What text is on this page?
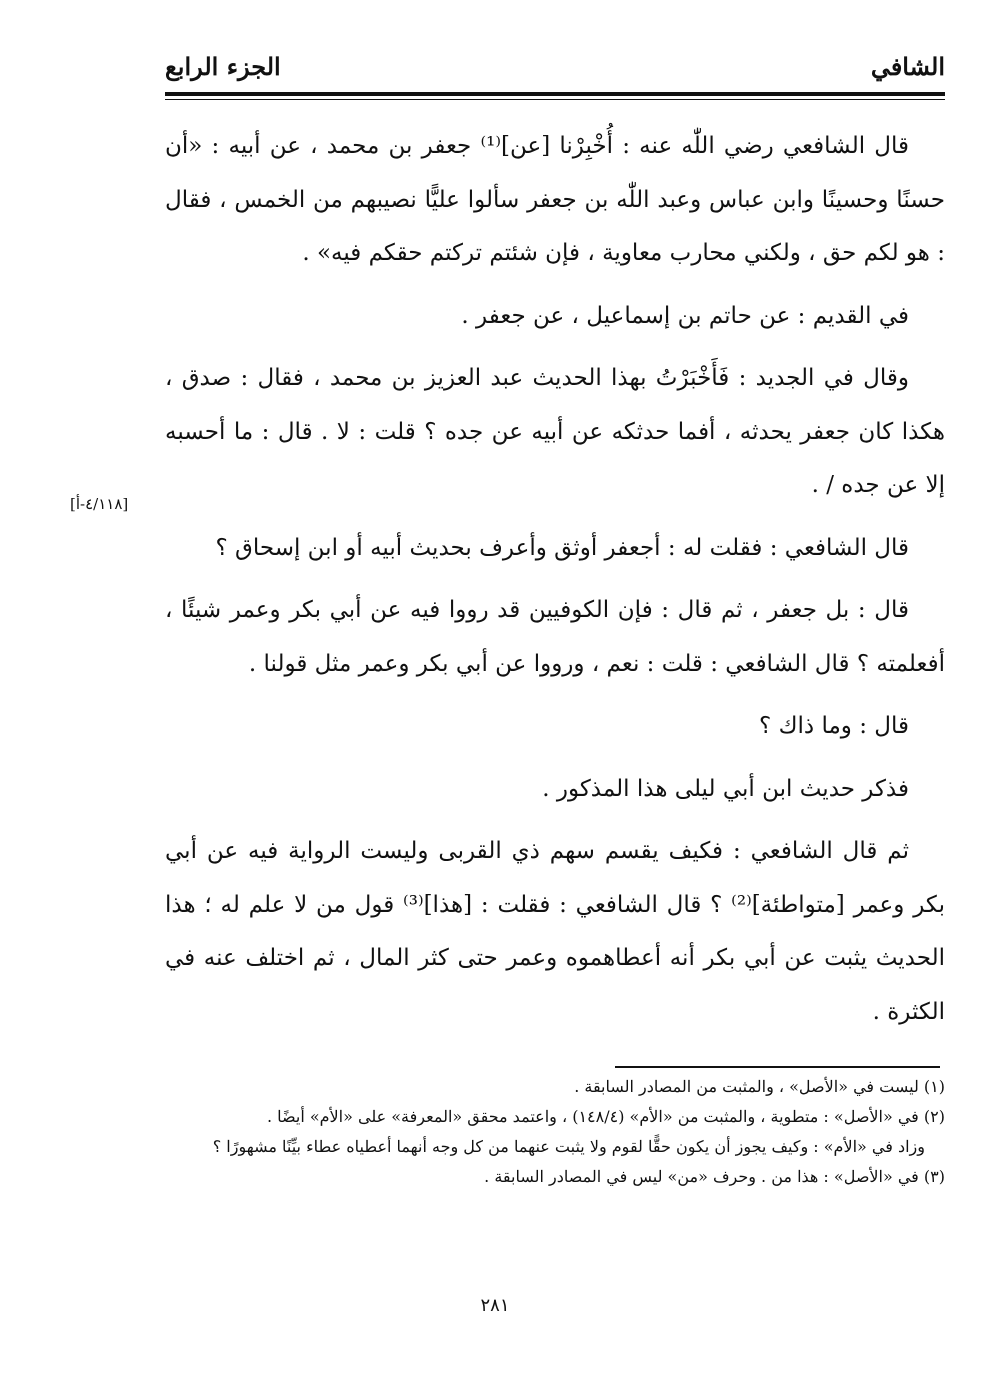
الشافي
الجزء الرابع
[٤/١١٨-أ]

قال الشافعي رضي اللّٰه عنه : أُخْبِرْنا [عن]⁽¹⁾ جعفر بن محمد ، عن أبيه : «أن حسنًا وحسينًا وابن عباس وعبد اللّٰه بن جعفر سألوا عليًّا نصيبهم من الخمس ، فقال : هو لكم حق ، ولكني محارب معاوية ، فإن شئتم تركتم حقكم فيه» .

في القديم : عن حاتم بن إسماعيل ، عن جعفر .

وقال في الجديد : فَأَخْبَرْتُ بهذا الحديث عبد العزيز بن محمد ، فقال : صدق ، هكذا كان جعفر يحدثه ، أفما حدثكه عن أبيه عن جده ؟ قلت : لا . قال : ما أحسبه إلا عن جده / .

قال الشافعي : فقلت له : أجعفر أوثق وأعرف بحديث أبيه أو ابن إسحاق ؟

قال : بل جعفر ، ثم قال : فإن الكوفيين قد رووا فيه عن أبي بكر وعمر شيئًا ، أفعلمته ؟ قال الشافعي : قلت : نعم ، ورووا عن أبي بكر وعمر مثل قولنا .

قال : وما ذاك ؟

فذكر حديث ابن أبي ليلى هذا المذكور .

ثم قال الشافعي : فكيف يقسم سهم ذي القربى وليست الرواية فيه عن أبي بكر وعمر [متواطئة]⁽²⁾ ؟ قال الشافعي : فقلت : [هذا]⁽³⁾ قول من لا علم له ؛ هذا الحديث يثبت عن أبي بكر أنه أعطاهموه وعمر حتى كثر المال ، ثم اختلف عنه في الكثرة .

(١) ليست في «الأصل» ، والمثبت من المصادر السابقة .
(٢) في «الأصل» : متطوية ، والمثبت من «الأم» (١٤٨/٤) ، واعتمد محقق «المعرفة» على «الأم» أيضًا .
وزاد في «الأم» : وكيف يجوز أن يكون حقًّا لقوم ولا يثبت عنهما من كل وجه أنهما أعطياه عطاء بيِّنًا مشهورًا ؟
(٣) في «الأصل» : هذا من . وحرف «من» ليس في المصادر السابقة .
٢٨١
